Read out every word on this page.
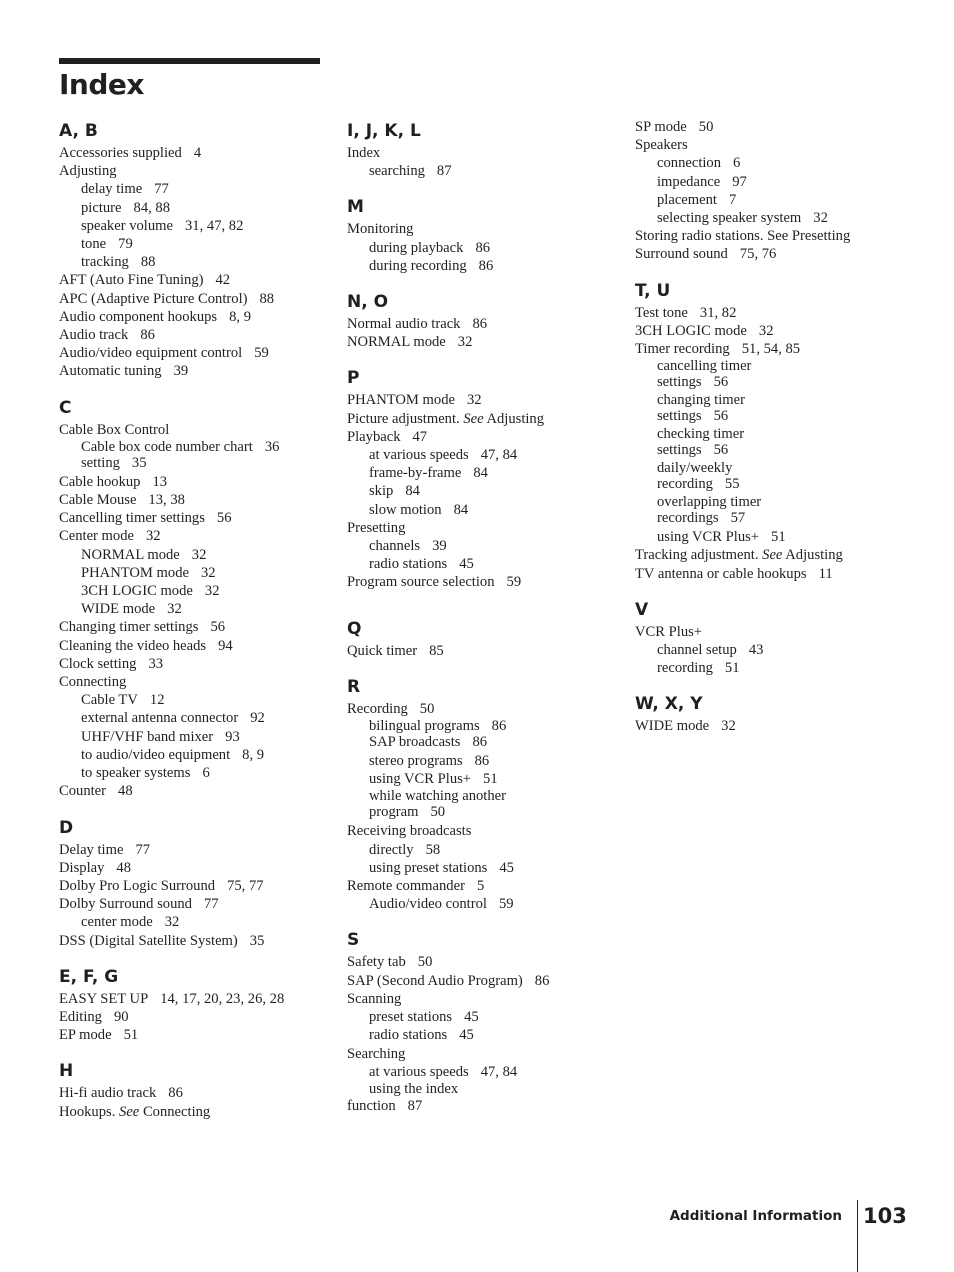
Index
A, B
Accessories supplied 4
Adjusting
delay time 77
picture 84, 88
speaker volume 31, 47, 82
tone 79
tracking 88
AFT (Auto Fine Tuning) 42
APC (Adaptive Picture Control) 88
Audio component hookups 8, 9
Audio track 86
Audio/video equipment control 59
Automatic tuning 39
C
Cable Box Control
Cable box code number chart 36
setting 35
Cable hookup 13
Cable Mouse 13, 38
Cancelling timer settings 56
Center mode 32
NORMAL mode 32
PHANTOM mode 32
3CH LOGIC mode 32
WIDE mode 32
Changing timer settings 56
Cleaning the video heads 94
Clock setting 33
Connecting
Cable TV 12
external antenna connector 92
UHF/VHF band mixer 93
to audio/video equipment 8, 9
to speaker systems 6
Counter 48
D
Delay time 77
Display 48
Dolby Pro Logic Surround 75, 77
Dolby Surround sound 77
center mode 32
DSS (Digital Satellite System) 35
E, F, G
EASY SET UP 14, 17, 20, 23, 26, 28
Editing 90
EP mode 51
H
Hi-fi audio track 86
Hookups. See Connecting
I, J, K, L
Index
searching 87
M
Monitoring
during playback 86
during recording 86
N, O
Normal audio track 86
NORMAL mode 32
P
PHANTOM mode 32
Picture adjustment. See Adjusting
Playback 47
at various speeds 47, 84
frame-by-frame 84
skip 84
slow motion 84
Presetting
channels 39
radio stations 45
Program source selection 59
Q
Quick timer 85
R
Recording 50
bilingual programs 86
SAP broadcasts 86
stereo programs 86
using VCR Plus+ 51
while watching another
program 50
Receiving broadcasts
directly 58
using preset stations 45
Remote commander 5
Audio/video control 59
S
Safety tab 50
SAP (Second Audio Program) 86
Scanning
preset stations 45
radio stations 45
Searching
at various speeds 47, 84
using the index
function 87
SP mode 50
Speakers
connection 6
impedance 97
placement 7
selecting speaker system 32
Storing radio stations. See Presetting
Surround sound 75, 76
T, U
Test tone 31, 82
3CH LOGIC mode 32
Timer recording 51, 54, 85
cancelling timer
settings 56
changing timer
settings 56
checking timer
settings 56
daily/weekly
recording 55
overlapping timer
recordings 57
using VCR Plus+ 51
Tracking adjustment. See Adjusting
TV antenna or cable hookups 11
V
VCR Plus+
channel setup 43
recording 51
W, X, Y
WIDE mode 32
Additional Information 103
